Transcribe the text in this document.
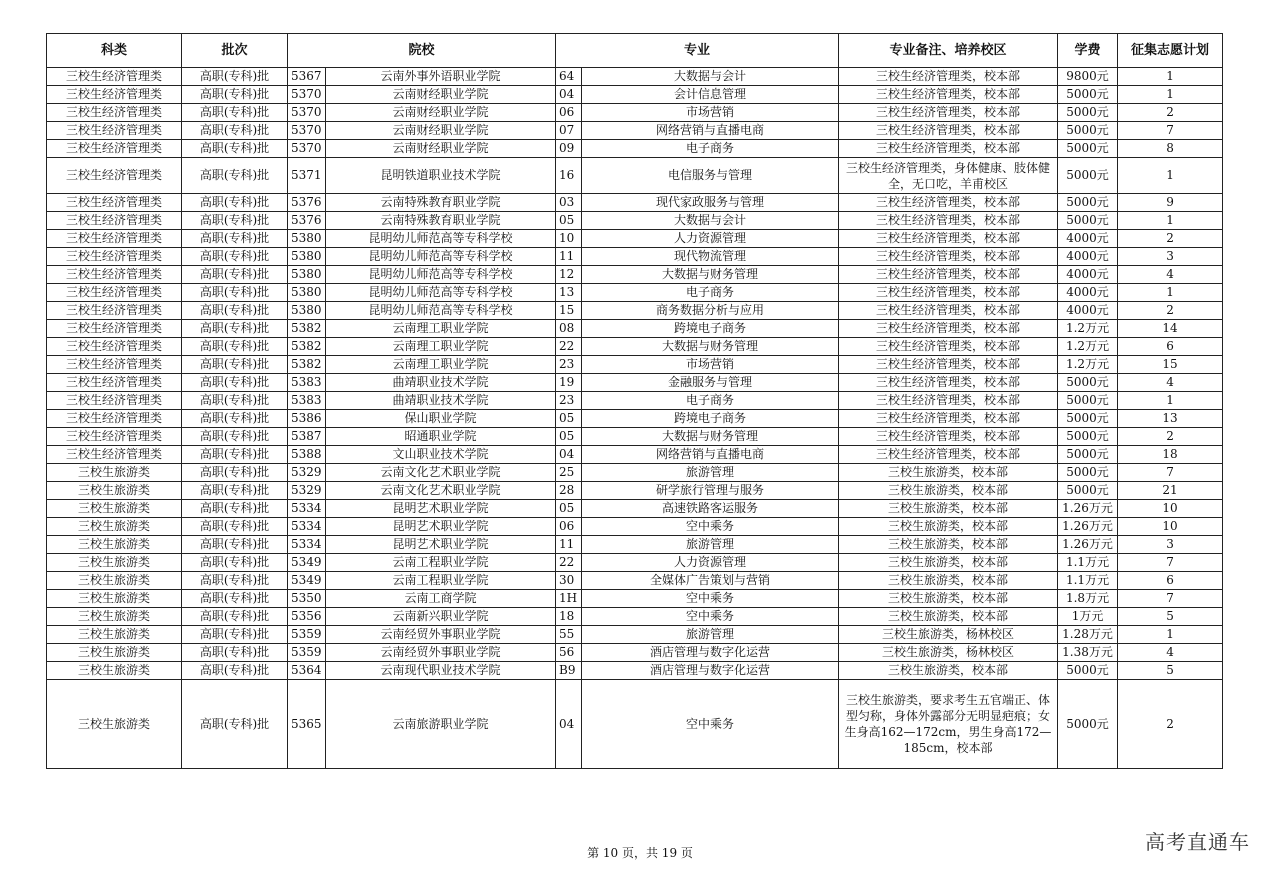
科类	批次	院校		专业		专业备注、培养校区	学费	征集志愿计划
三校生经济管理类	高职(专科)批	5367	云南外事外语职业学院	64	大数据与会计	三校生经济管理类，校本部	9800元	1
三校生经济管理类	高职(专科)批	5370	云南财经职业学院	04	会计信息管理	三校生经济管理类，校本部	5000元	1
三校生经济管理类	高职(专科)批	5370	云南财经职业学院	06	市场营销	三校生经济管理类，校本部	5000元	2
三校生经济管理类	高职(专科)批	5370	云南财经职业学院	07	网络营销与直播电商	三校生经济管理类，校本部	5000元	7
三校生经济管理类	高职(专科)批	5370	云南财经职业学院	09	电子商务	三校生经济管理类，校本部	5000元	8
三校生经济管理类	高职(专科)批	5371	昆明铁道职业技术学院	16	电信服务与管理	三校生经济管理类，身体健康、肢体健全，无口吃，羊甫校区	5000元	1
三校生经济管理类	高职(专科)批	5376	云南特殊教育职业学院	03	现代家政服务与管理	三校生经济管理类，校本部	5000元	9
三校生经济管理类	高职(专科)批	5376	云南特殊教育职业学院	05	大数据与会计	三校生经济管理类，校本部	5000元	1
三校生经济管理类	高职(专科)批	5380	昆明幼儿师范高等专科学校	10	人力资源管理	三校生经济管理类，校本部	4000元	2
三校生经济管理类	高职(专科)批	5380	昆明幼儿师范高等专科学校	11	现代物流管理	三校生经济管理类，校本部	4000元	3
三校生经济管理类	高职(专科)批	5380	昆明幼儿师范高等专科学校	12	大数据与财务管理	三校生经济管理类，校本部	4000元	4
三校生经济管理类	高职(专科)批	5380	昆明幼儿师范高等专科学校	13	电子商务	三校生经济管理类，校本部	4000元	1
三校生经济管理类	高职(专科)批	5380	昆明幼儿师范高等专科学校	15	商务数据分析与应用	三校生经济管理类，校本部	4000元	2
三校生经济管理类	高职(专科)批	5382	云南理工职业学院	08	跨境电子商务	三校生经济管理类，校本部	1.2万元	14
三校生经济管理类	高职(专科)批	5382	云南理工职业学院	22	大数据与财务管理	三校生经济管理类，校本部	1.2万元	6
三校生经济管理类	高职(专科)批	5382	云南理工职业学院	23	市场营销	三校生经济管理类，校本部	1.2万元	15
三校生经济管理类	高职(专科)批	5383	曲靖职业技术学院	19	金融服务与管理	三校生经济管理类，校本部	5000元	4
三校生经济管理类	高职(专科)批	5383	曲靖职业技术学院	23	电子商务	三校生经济管理类，校本部	5000元	1
三校生经济管理类	高职(专科)批	5386	保山职业学院	05	跨境电子商务	三校生经济管理类，校本部	5000元	13
三校生经济管理类	高职(专科)批	5387	昭通职业学院	05	大数据与财务管理	三校生经济管理类，校本部	5000元	2
三校生经济管理类	高职(专科)批	5388	文山职业技术学院	04	网络营销与直播电商	三校生经济管理类，校本部	5000元	18
三校生旅游类	高职(专科)批	5329	云南文化艺术职业学院	25	旅游管理	三校生旅游类，校本部	5000元	7
三校生旅游类	高职(专科)批	5329	云南文化艺术职业学院	28	研学旅行管理与服务	三校生旅游类，校本部	5000元	21
三校生旅游类	高职(专科)批	5334	昆明艺术职业学院	05	高速铁路客运服务	三校生旅游类，校本部	1.26万元	10
三校生旅游类	高职(专科)批	5334	昆明艺术职业学院	06	空中乘务	三校生旅游类，校本部	1.26万元	10
三校生旅游类	高职(专科)批	5334	昆明艺术职业学院	11	旅游管理	三校生旅游类，校本部	1.26万元	3
三校生旅游类	高职(专科)批	5349	云南工程职业学院	22	人力资源管理	三校生旅游类，校本部	1.1万元	7
三校生旅游类	高职(专科)批	5349	云南工程职业学院	30	全媒体广告策划与营销	三校生旅游类，校本部	1.1万元	6
三校生旅游类	高职(专科)批	5350	云南工商学院	1H	空中乘务	三校生旅游类，校本部	1.8万元	7
三校生旅游类	高职(专科)批	5356	云南新兴职业学院	18	空中乘务	三校生旅游类，校本部	1万元	5
三校生旅游类	高职(专科)批	5359	云南经贸外事职业学院	55	旅游管理	三校生旅游类，杨林校区	1.28万元	1
三校生旅游类	高职(专科)批	5359	云南经贸外事职业学院	56	酒店管理与数字化运营	三校生旅游类，杨林校区	1.38万元	4
三校生旅游类	高职(专科)批	5364	云南现代职业技术学院	B9	酒店管理与数字化运营	三校生旅游类，校本部	5000元	5
三校生旅游类	高职(专科)批	5365	云南旅游职业学院	04	空中乘务	三校生旅游类，要求考生五官端正、体型匀称，身体外露部分无明显疤痕；女生身高162—172cm，男生身高172—185cm，校本部	5000元	2
第 10 页，共 19 页	高考直通车
